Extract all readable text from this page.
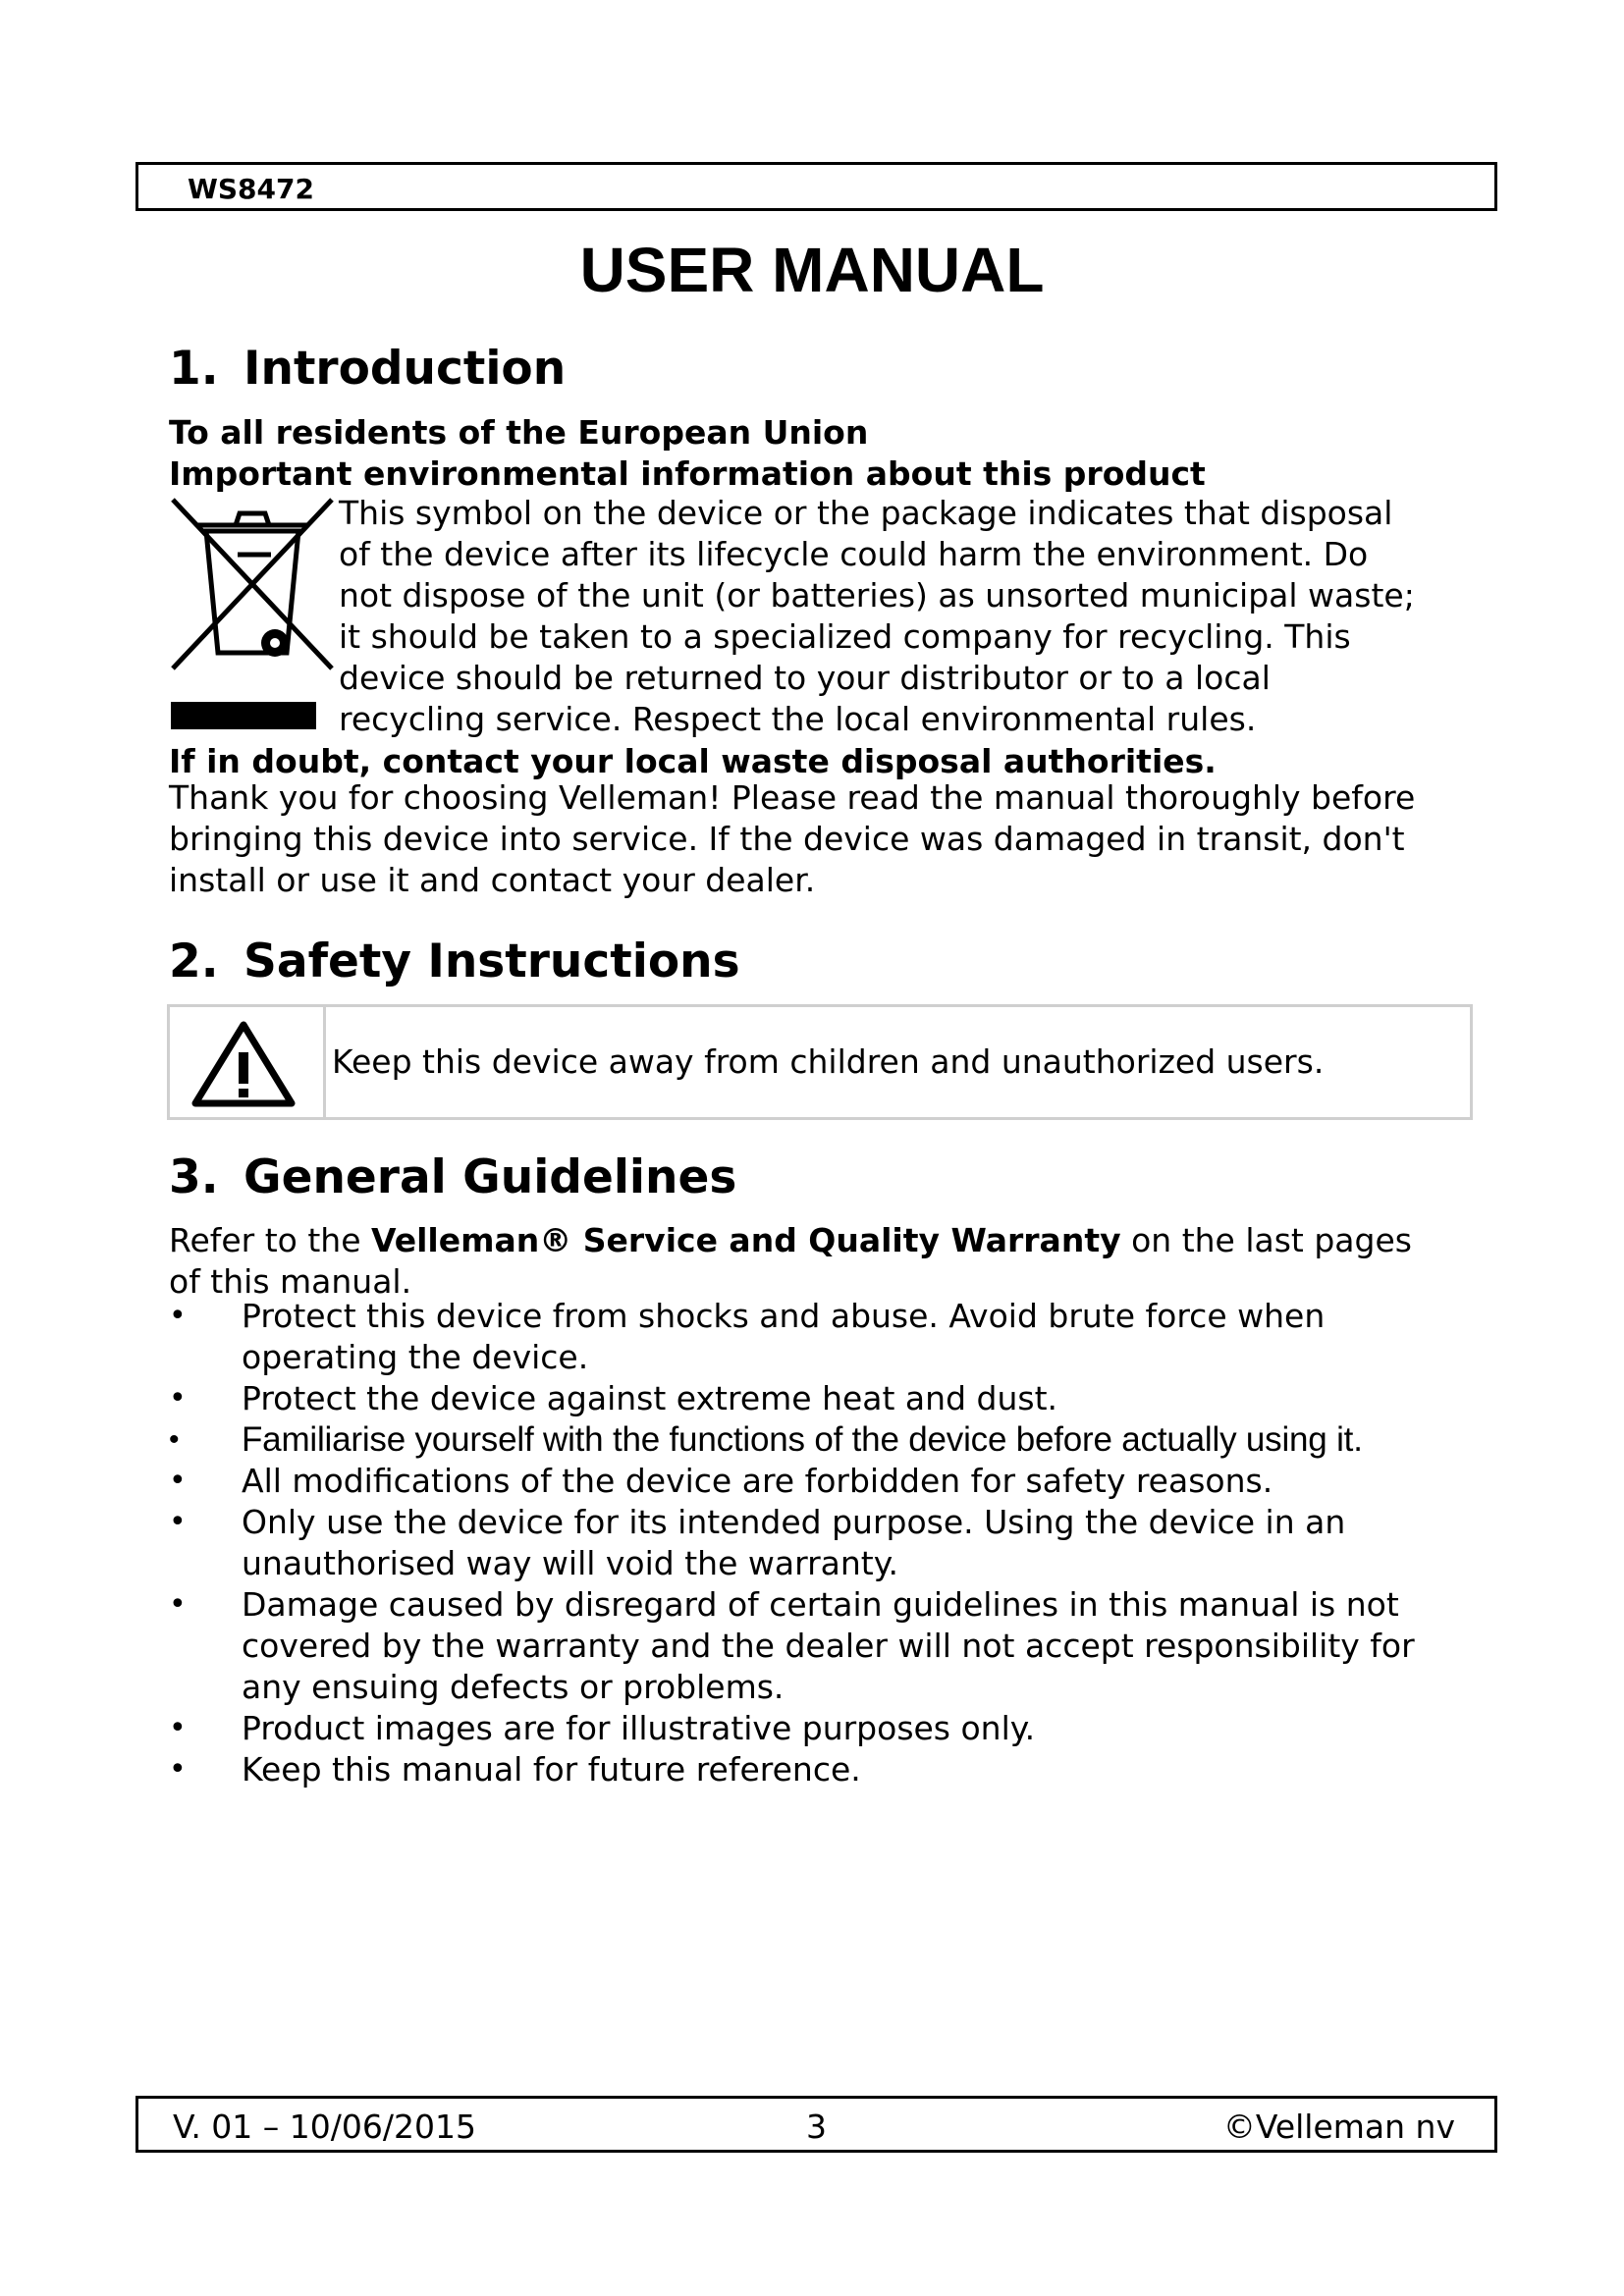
WS8472
USER MANUAL
1. Introduction

To all residents of the European Union

Important environmental information about this product

This symbol on the device or the package indicates that disposal
of the device after its lifecycle could harm the environment. Do
not dispose of the unit (or batteries) as unsorted municipal waste;
it should be taken to a specialized company for recycling. This
device should be returned to your distributor or to a local
recycling service. Respect the local environmental rules.

If in doubt, contact your local waste disposal authorities.

Thank you for choosing Velleman! Please read the manual thoroughly before
bringing this device into service. If the device was damaged in transit, don't
install or use it and contact your dealer.
2. Safety Instructions
Keep this device away from children and unauthorized users.
3. General Guidelines
Refer to the Velleman® Service and Quality Warranty on the last pages
of this manual.
• Protect this device from shocks and abuse. Avoid brute force when operating the device.
• Protect the device against extreme heat and dust.
• Familiarise yourself with the functions of the device before actually using it.
• All modifications of the device are forbidden for safety reasons.
• Only use the device for its intended purpose. Using the device in an unauthorised way will void the warranty.
• Damage caused by disregard of certain guidelines in this manual is not covered by the warranty and the dealer will not accept responsibility for any ensuing defects or problems.
• Product images are for illustrative purposes only.
• Keep this manual for future reference.
V. 01 – 10/06/2015	3	©Velleman nv
